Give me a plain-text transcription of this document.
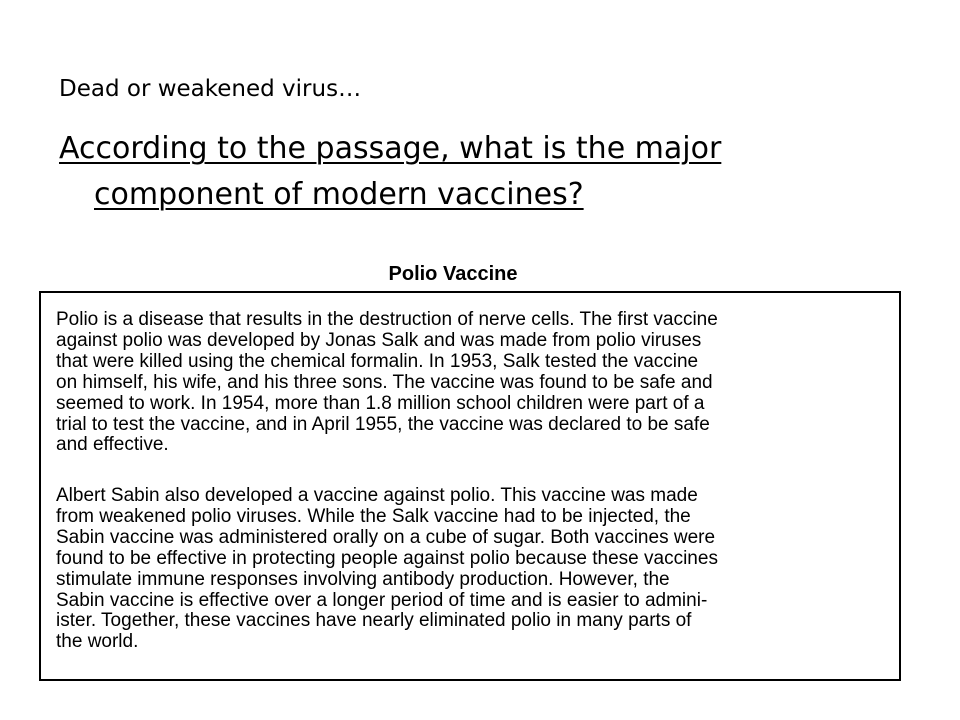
Dead or weakened virus…
According to the passage, what is the major
component of modern vaccines?
Polio Vaccine
Polio is a disease that results in the destruction of nerve cells. The first vaccine
against polio was developed by Jonas Salk and was made from polio viruses
that were killed using the chemical formalin. In 1953, Salk tested the vaccine
on himself, his wife, and his three sons. The vaccine was found to be safe and
seemed to work. In 1954, more than 1.8 million school children were part of a
trial to test the vaccine, and in April 1955, the vaccine was declared to be safe
and effective.
Albert Sabin also developed a vaccine against polio. This vaccine was made
from weakened polio viruses. While the Salk vaccine had to be injected, the
Sabin vaccine was administered orally on a cube of sugar. Both vaccines were
found to be effective in protecting people against polio because these vaccines
stimulate immune responses involving antibody production. However, the
Sabin vaccine is effective over a longer period of time and is easier to admini-
ister. Together, these vaccines have nearly eliminated polio in many parts of
the world.
